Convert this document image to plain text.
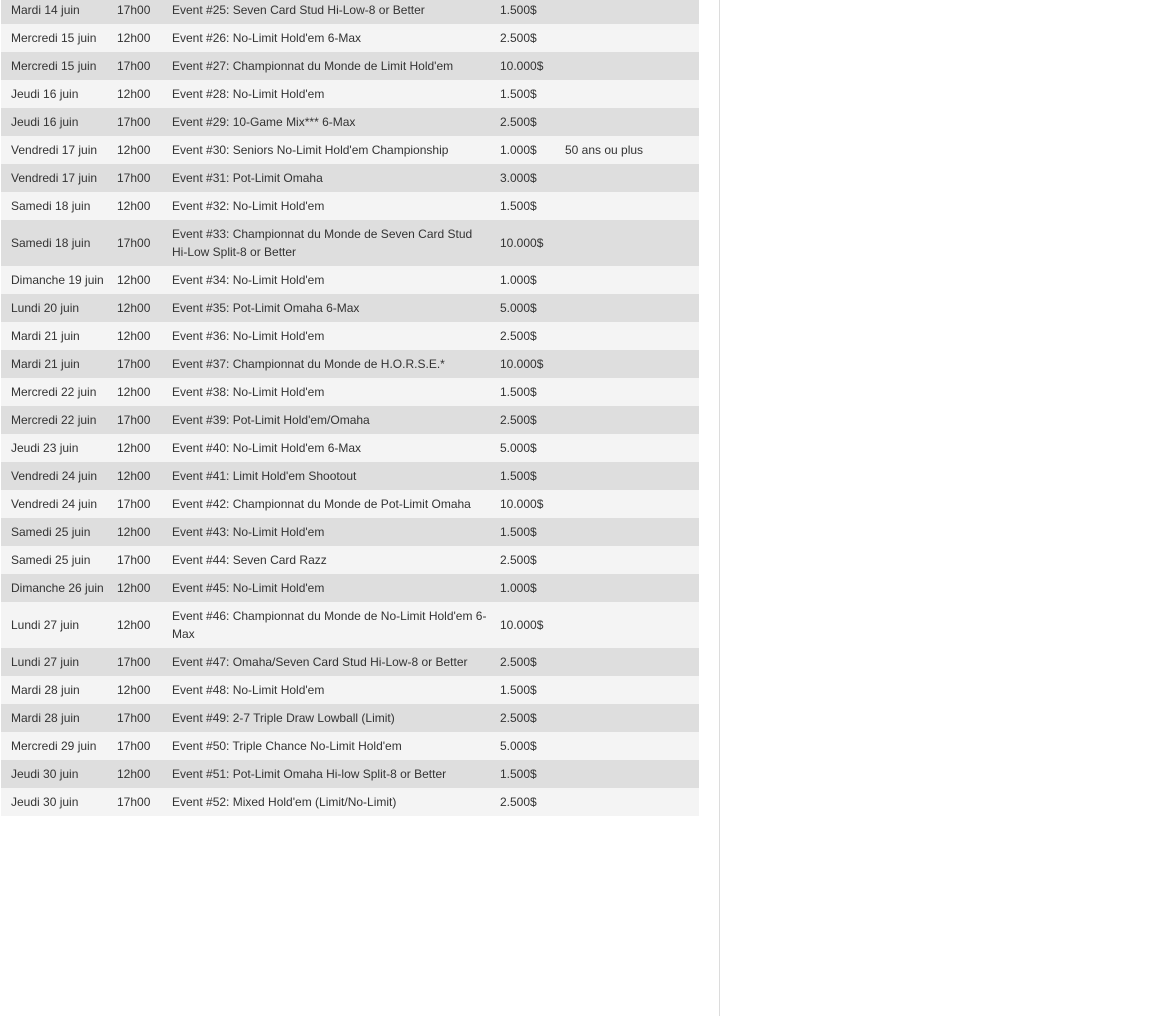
Mardi 14 juin	17h00	Event #25: Seven Card Stud Hi-Low-8 or Better	1.500$	
Mercredi 15 juin	12h00	Event #26: No-Limit Hold'em 6-Max	2.500$	
Mercredi 15 juin	17h00	Event #27: Championnat du Monde de Limit Hold'em	10.000$	
Jeudi 16 juin	12h00	Event #28: No-Limit Hold'em	1.500$	
Jeudi 16 juin	17h00	Event #29: 10-Game Mix*** 6-Max	2.500$	
Vendredi 17 juin	12h00	Event #30: Seniors No-Limit Hold'em Championship	1.000$	50 ans ou plus
Vendredi 17 juin	17h00	Event #31: Pot-Limit Omaha	3.000$	
Samedi 18 juin	12h00	Event #32: No-Limit Hold'em	1.500$	
Samedi 18 juin	17h00	Event #33: Championnat du Monde de Seven Card Stud Hi-Low Split-8 or Better	10.000$	
Dimanche 19 juin	12h00	Event #34: No-Limit Hold'em	1.000$	
Lundi 20 juin	12h00	Event #35: Pot-Limit Omaha 6-Max	5.000$	
Mardi 21 juin	12h00	Event #36: No-Limit Hold'em	2.500$	
Mardi 21 juin	17h00	Event #37: Championnat du Monde de H.O.R.S.E.*	10.000$	
Mercredi 22 juin	12h00	Event #38: No-Limit Hold'em	1.500$	
Mercredi 22 juin	17h00	Event #39: Pot-Limit Hold'em/Omaha	2.500$	
Jeudi 23 juin	12h00	Event #40: No-Limit Hold'em 6-Max	5.000$	
Vendredi 24 juin	12h00	Event #41: Limit Hold'em Shootout	1.500$	
Vendredi 24 juin	17h00	Event #42: Championnat du Monde de Pot-Limit Omaha	10.000$	
Samedi 25 juin	12h00	Event #43: No-Limit Hold'em	1.500$	
Samedi 25 juin	17h00	Event #44: Seven Card Razz	2.500$	
Dimanche 26 juin	12h00	Event #45: No-Limit Hold'em	1.000$	
Lundi 27 juin	12h00	Event #46: Championnat du Monde de No-Limit Hold'em 6-Max	10.000$	
Lundi 27 juin	17h00	Event #47: Omaha/Seven Card Stud Hi-Low-8 or Better	2.500$	
Mardi 28 juin	12h00	Event #48: No-Limit Hold'em	1.500$	
Mardi 28 juin	17h00	Event #49: 2-7 Triple Draw Lowball (Limit)	2.500$	
Mercredi 29 juin	17h00	Event #50: Triple Chance No-Limit Hold'em	5.000$	
Jeudi 30 juin	12h00	Event #51: Pot-Limit Omaha Hi-low Split-8 or Better	1.500$	
Jeudi 30 juin	17h00	Event #52: Mixed Hold'em (Limit/No-Limit)	2.500$	
